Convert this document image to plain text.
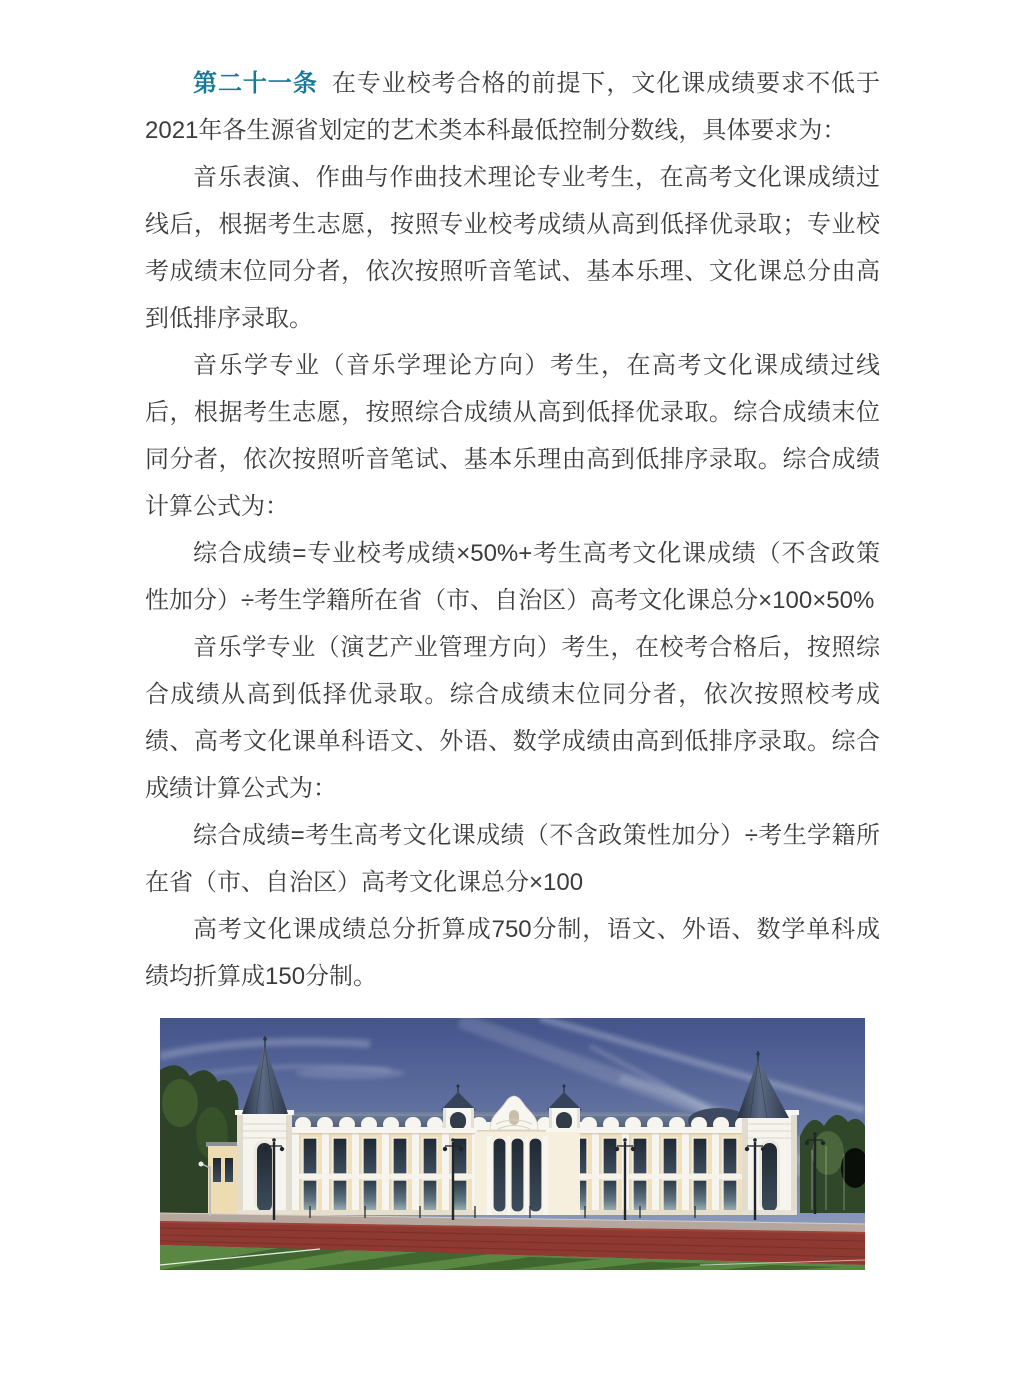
第二十一条 在专业校考合格的前提下，文化课成绩要求不低于2021年各生源省划定的艺术类本科最低控制分数线，具体要求为：

音乐表演、作曲与作曲技术理论专业考生，在高考文化课成绩过线后，根据考生志愿，按照专业校考成绩从高到低择优录取；专业校考成绩末位同分者，依次按照听音笔试、基本乐理、文化课总分由高到低排序录取。

音乐学专业（音乐学理论方向）考生，在高考文化课成绩过线后，根据考生志愿，按照综合成绩从高到低择优录取。综合成绩末位同分者，依次按照听音笔试、基本乐理由高到低排序录取。综合成绩计算公式为：

综合成绩=专业校考成绩×50%+考生高考文化课成绩（不含政策性加分）÷考生学籍所在省（市、自治区）高考文化课总分×100×50%

音乐学专业（演艺产业管理方向）考生，在校考合格后，按照综合成绩从高到低择优录取。综合成绩末位同分者，依次按照校考成绩、高考文化课单科语文、外语、数学成绩由高到低排序录取。综合成绩计算公式为：

综合成绩=考生高考文化课成绩（不含政策性加分）÷考生学籍所在省（市、自治区）高考文化课总分×100

高考文化课成绩总分折算成750分制，语文、外语、数学单科成绩均折算成150分制。
